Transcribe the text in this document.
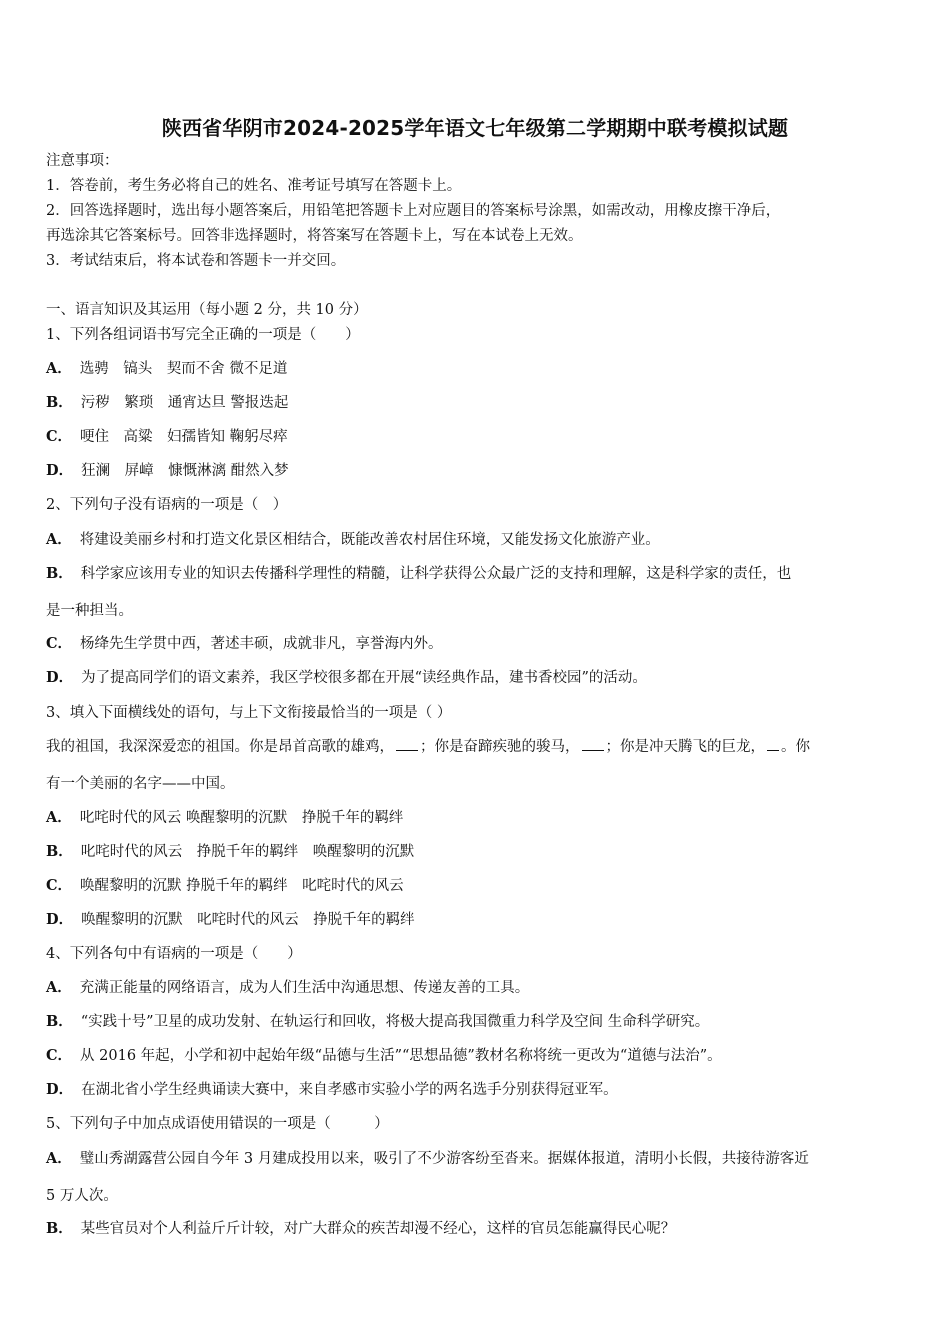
陕西省华阴市2024-2025学年语文七年级第二学期期中联考模拟试题
注意事项：
1．答卷前，考生务必将自己的姓名、准考证号填写在答题卡上。
2．回答选择题时，选出每小题答案后，用铅笔把答题卡上对应题目的答案标号涂黑，如需改动，用橡皮擦干净后，
再选涂其它答案标号。回答非选择题时，将答案写在答题卡上，写在本试卷上无效。
3．考试结束后，将本试卷和答题卡一并交回。
一、语言知识及其运用（每小题 2 分，共 10 分）
1、下列各组词语书写完全正确的一项是（　　）
A． 选骋　镐头　契而不舍 微不足道
B． 污秽　繁琐　通宵达旦 警报迭起
C． 哽住　高粱　妇孺皆知 鞠躬尽瘁
D． 狂澜　屏嶂　慷慨淋漓 酣然入梦
2、下列句子没有语病的一项是（　）
A． 将建设美丽乡村和打造文化景区相结合，既能改善农村居住环境，又能发扬文化旅游产业。
B． 科学家应该用专业的知识去传播科学理性的精髓，让科学获得公众最广泛的支持和理解，这是科学家的责任，也
是一种担当。
C． 杨绛先生学贯中西，著述丰硕，成就非凡，享誉海内外。
D． 为了提高同学们的语文素养，我区学校很多都在开展“读经典作品，建书香校园”的活动。
3、填入下面横线处的语句，与上下文衔接最恰当的一项是（ ）
我的祖国，我深深爱恋的祖国。你是昂首高歌的雄鸡， ；你是奋蹄疾驰的骏马， ；你是冲天腾飞的巨龙， 。你
有一个美丽的名字——中国。
A． 叱咤时代的风云 唤醒黎明的沉默　挣脱千年的羁绊
B． 叱咤时代的风云　挣脱千年的羁绊　唤醒黎明的沉默
C． 唤醒黎明的沉默 挣脱千年的羁绊　叱咤时代的风云
D． 唤醒黎明的沉默　叱咤时代的风云　挣脱千年的羁绊
4、下列各句中有语病的一项是（　　）
A． 充满正能量的网络语言，成为人们生活中沟通思想、传递友善的工具。
B． “实践十号”卫星的成功发射、在轨运行和回收，将极大提高我国微重力科学及空间 生命科学研究。
C． 从 2016 年起，小学和初中起始年级“品德与生活”“思想品德”教材名称将统一更改为“道德与法治”。
D． 在湖北省小学生经典诵读大赛中，来自孝感市实验小学的两名选手分别获得冠亚军。
5、下列句子中加点成语使用错误的一项是（　　　）
A． 璧山秀湖露营公园自今年 3 月建成投用以来，吸引了不少游客纷至沓来。据媒体报道，清明小长假，共接待游客近
5 万人次。
B． 某些官员对个人利益斤斤计较，对广大群众的疾苦却漫不经心，这样的官员怎能赢得民心呢？
